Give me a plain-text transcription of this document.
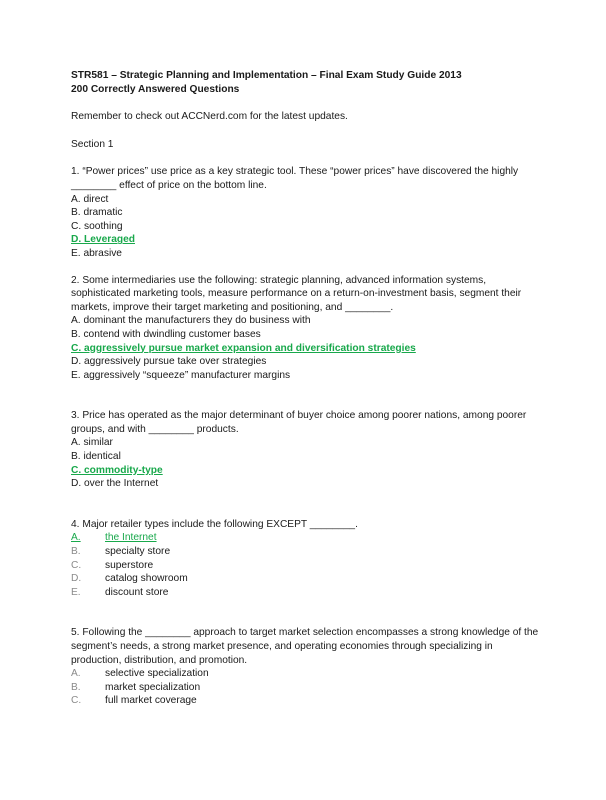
STR581 – Strategic Planning and Implementation – Final Exam Study Guide 2013

200 Correctly Answered Questions

Remember to check out ACCNerd.com for the latest updates.

Section 1

1. “Power prices” use price as a key strategic tool. These “power prices” have discovered the highly ________ effect of price on the bottom line.

A. direct

B. dramatic

C. soothing

D. Leveraged

E. abrasive

2. Some intermediaries use the following: strategic planning, advanced information systems, sophisticated marketing tools, measure performance on a return-on-investment basis, segment their markets, improve their target marketing and positioning, and ________.

A. dominant the manufacturers they do business with

B. contend with dwindling customer bases

C. aggressively pursue market expansion and diversification strategies

D. aggressively pursue take over strategies

E. aggressively “squeeze” manufacturer margins

3. Price has operated as the major determinant of buyer choice among poorer nations, among poorer groups, and with ________ products.

A. similar

B. identical

C. commodity-type

D. over the Internet

4. Major retailer types include the following EXCEPT ________.

A.	the Internet
B.	specialty store
C.	superstore
D.	catalog showroom
E.	discount store

5. Following the ________ approach to target market selection encompasses a strong knowledge of the segment’s needs, a strong market presence, and operating economies through specializing in production, distribution, and promotion.

A.	selective specialization
B.	market specialization
C.	full market coverage
